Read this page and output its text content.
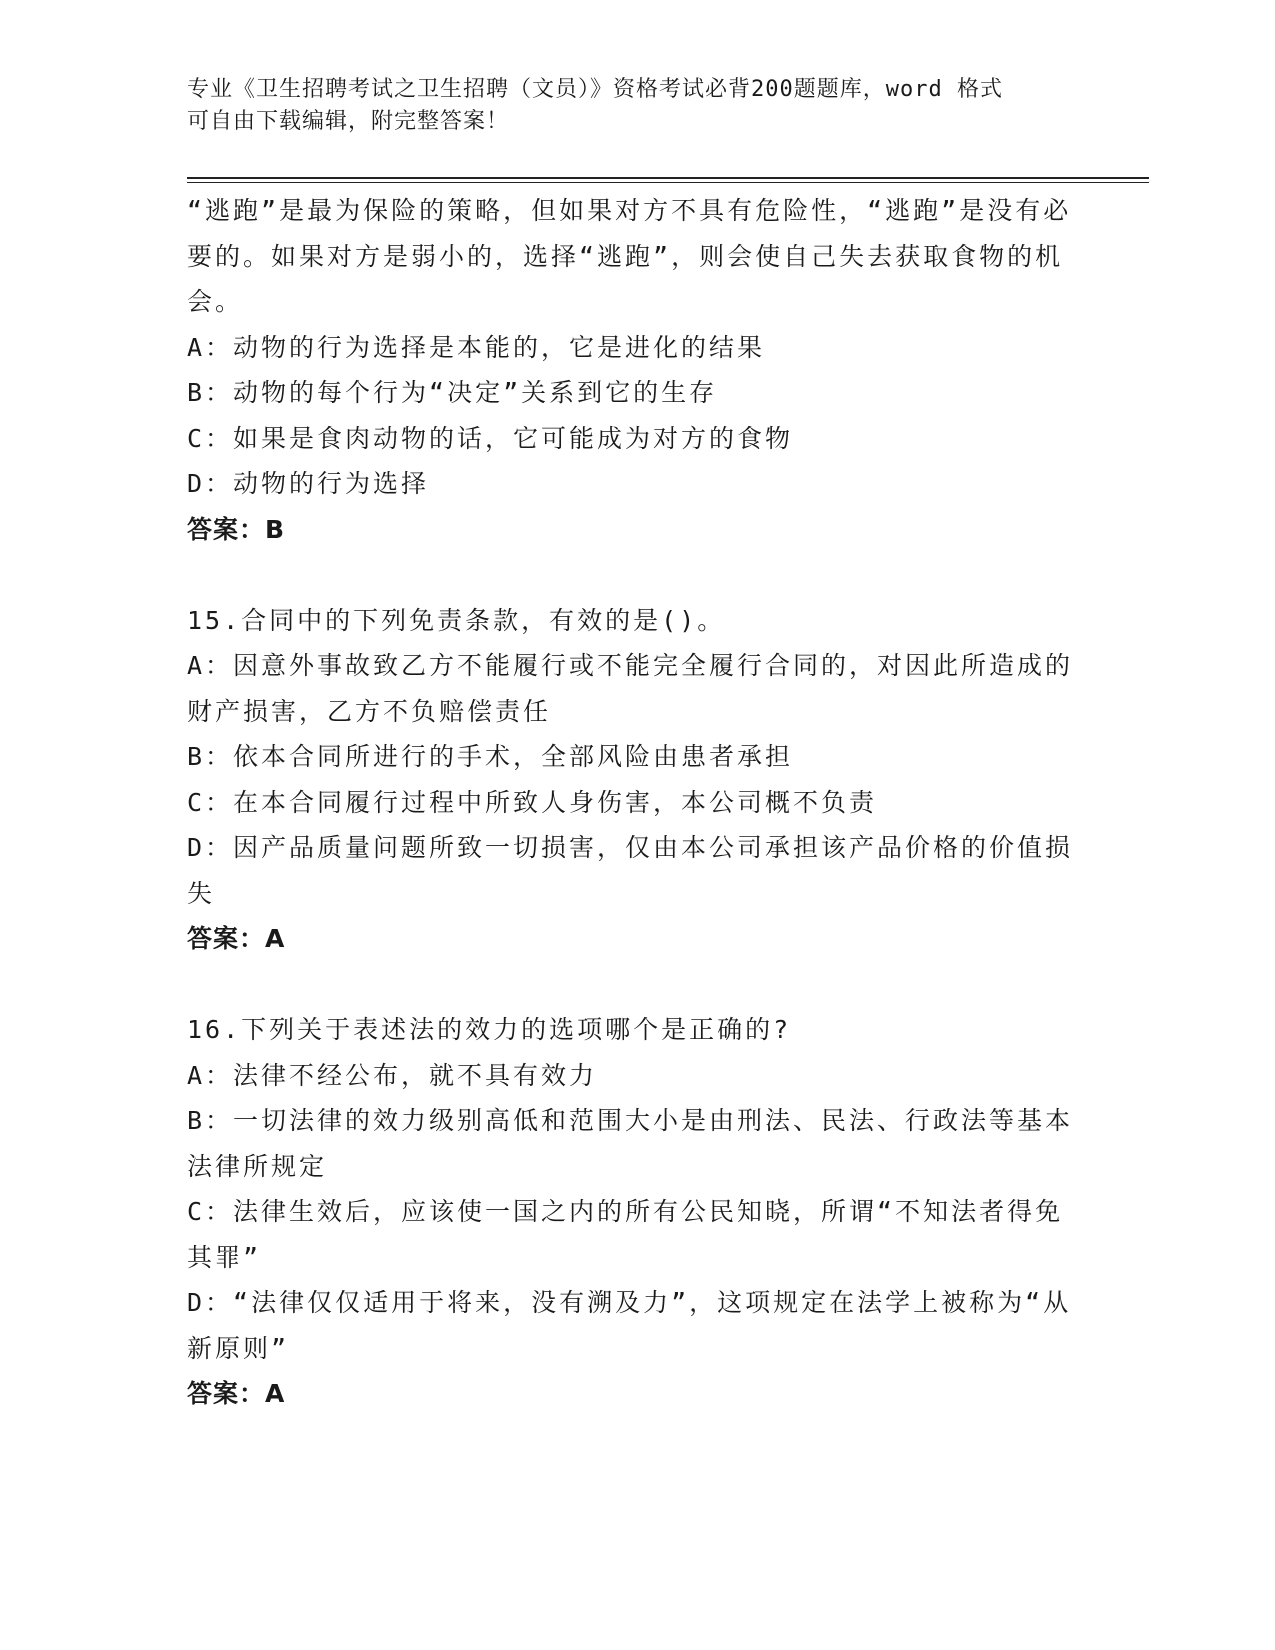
专业《卫生招聘考试之卫生招聘（文员）》资格考试必背200题题库，word 格式
可自由下载编辑，附完整答案！
“逃跑”是最为保险的策略，但如果对方不具有危险性，“逃跑”是没有必要的。如果对方是弱小的，选择“逃跑”，则会使自己失去获取食物的机会。
A：动物的行为选择是本能的，它是进化的结果
B：动物的每个行为“决定”关系到它的生存
C：如果是食肉动物的话，它可能成为对方的食物
D：动物的行为选择
答案：B
15.合同中的下列免责条款，有效的是()。
A：因意外事故致乙方不能履行或不能完全履行合同的，对因此所造成的财产损害，乙方不负赔偿责任
B：依本合同所进行的手术，全部风险由患者承担
C：在本合同履行过程中所致人身伤害，本公司概不负责
D：因产品质量问题所致一切损害，仅由本公司承担该产品价格的价值损失
答案：A
16.下列关于表述法的效力的选项哪个是正确的?
A：法律不经公布，就不具有效力
B：一切法律的效力级别高低和范围大小是由刑法、民法、行政法等基本法律所规定
C：法律生效后，应该使一国之内的所有公民知晓，所谓“不知法者得免其罪”
D：“法律仅仅适用于将来，没有溯及力”，这项规定在法学上被称为“从新原则”
答案：A
